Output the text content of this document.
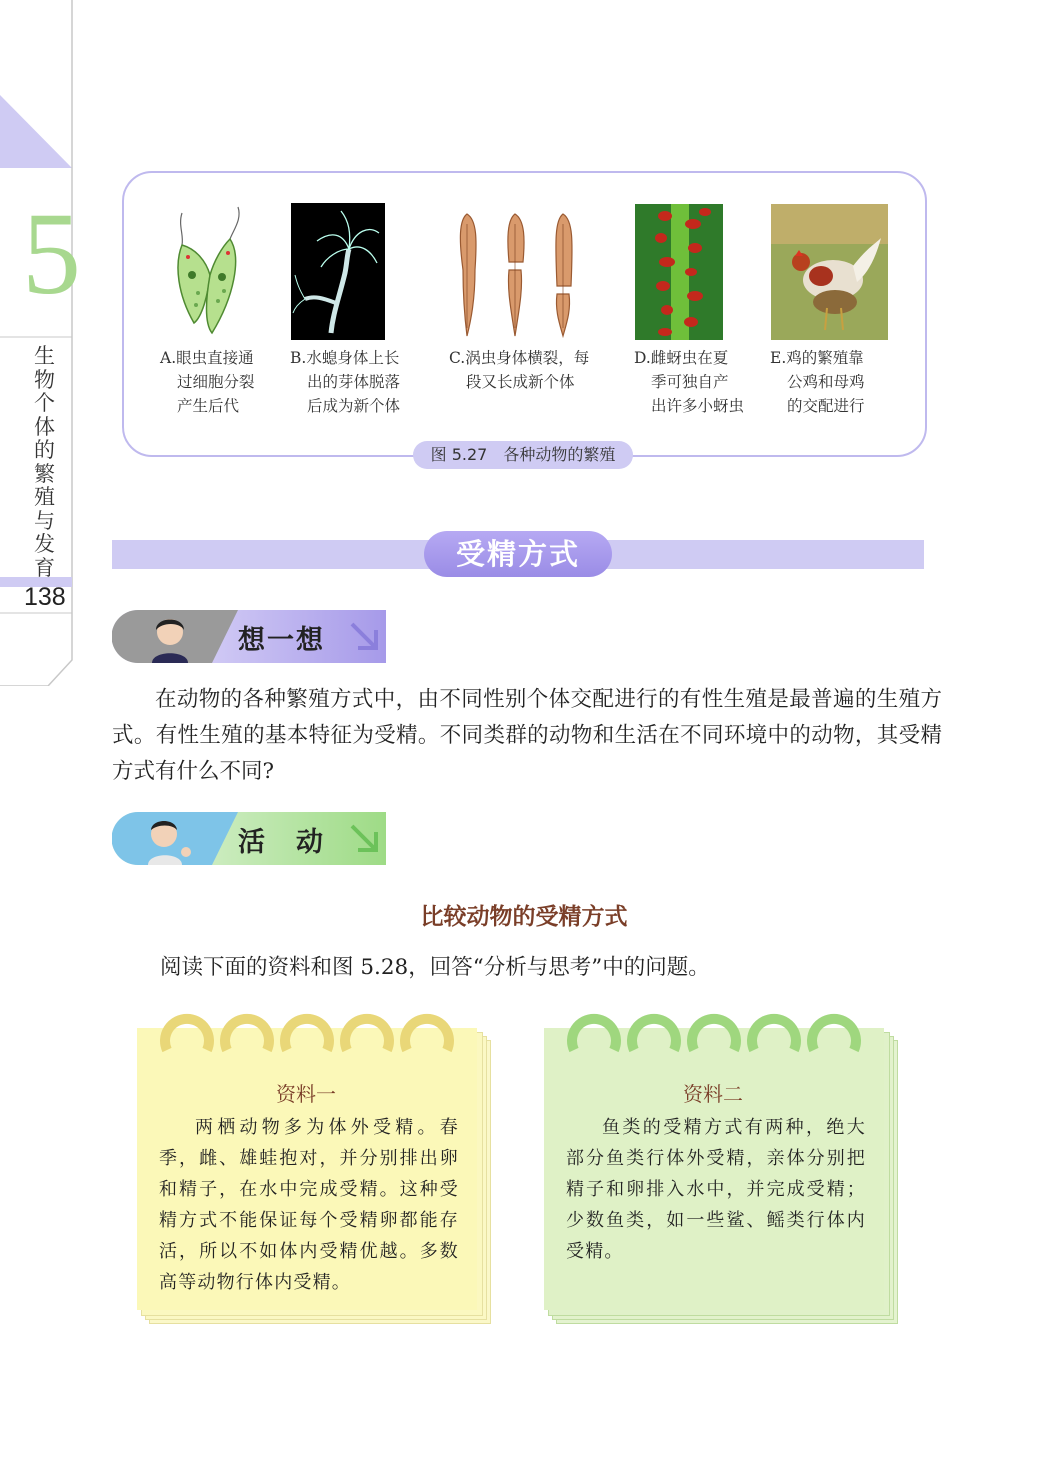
5
生物个体的繁殖与发育
138
A.眼虫直接通
过细胞分裂
产生后代
B.水螅身体上长
出的芽体脱落
后成为新个体
C.涡虫身体横裂，每
段又长成新个体
D.雌蚜虫在夏
季可独自产
出许多小蚜虫
E.鸡的繁殖靠
公鸡和母鸡
的交配进行
图 5.27　各种动物的繁殖
受精方式
想一想
在动物的各种繁殖方式中，由不同性别个体交配进行的有性生殖是最普遍的生殖方式。有性生殖的基本特征为受精。不同类群的动物和生活在不同环境中的动物，其受精方式有什么不同?
活　动
比较动物的受精方式
阅读下面的资料和图 5.28，回答“分析与思考”中的问题。
资料一
两栖动物多为体外受精。春季，雌、雄蛙抱对，并分别排出卵和精子，在水中完成受精。这种受精方式不能保证每个受精卵都能存活，所以不如体内受精优越。多数高等动物行体内受精。
资料二
鱼类的受精方式有两种，绝大部分鱼类行体外受精，亲体分别把精子和卵排入水中，并完成受精；少数鱼类，如一些鲨、鳐类行体内受精。
